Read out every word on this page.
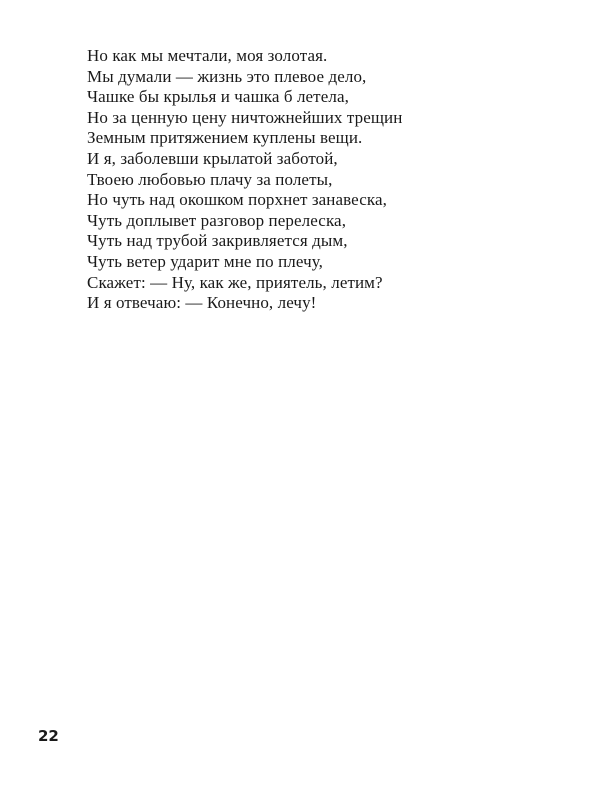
Но как мы мечтали, моя золотая.
Мы думали — жизнь это плевое дело,
Чашке бы крылья и чашка б летела,
Но за ценную цену ничтожнейших трещин
Земным притяжением куплены вещи.
И я, заболевши крылатой заботой,
Твоею любовью плачу за полеты,
Но чуть над окошком порхнет занавеска,
Чуть доплывет разговор перелеска,
Чуть над трубой закривляется дым,
Чуть ветер ударит мне по плечу,
Скажет: — Ну, как же, приятель, летим?
И я отвечаю: — Конечно, лечу!
22
